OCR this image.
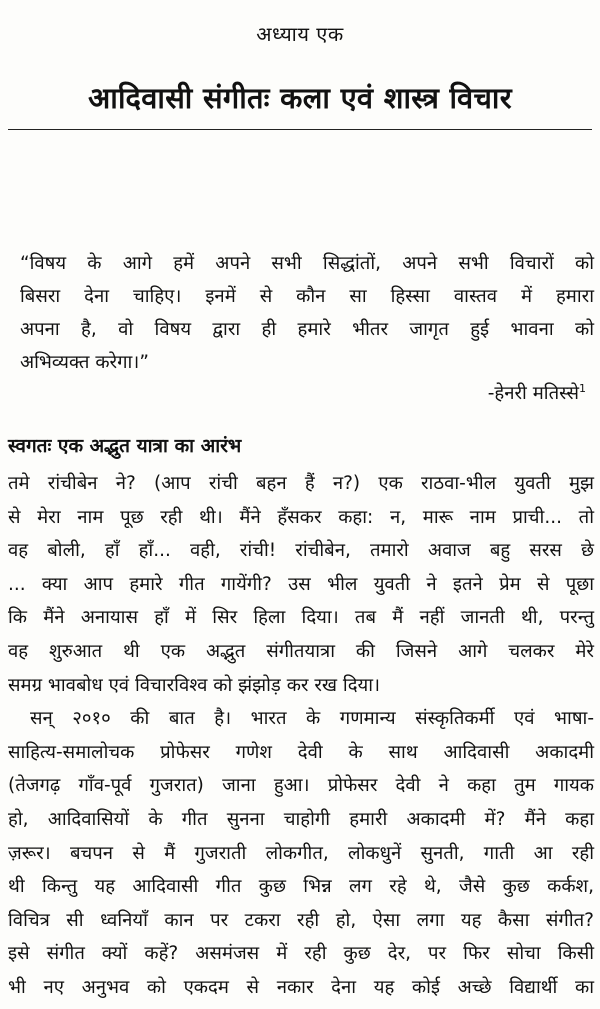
अध्याय एक
आदिवासी संगीतः कला एवं शास्त्र विचार
“विषय के आगे हमें अपने सभी सिद्धांतों, अपने सभी विचारों को
बिसरा देना चाहिए। इनमें से कौन सा हिस्सा वास्तव में हमारा
अपना है, वो विषय द्वारा ही हमारे भीतर जागृत हुई भावना को
अभिव्यक्त करेगा।”
-हेनरी मतिस्से$^1$
स्वगतः एक अद्भुत यात्रा का आरंभ
तमे रांचीबेन ने? (आप रांची बहन हैं न?) एक राठवा-भील युवती मुझ
से मेरा नाम पूछ रही थी। मैंने हँसकर कहा: न, मारू नाम प्राची... तो
वह बोली, हाँ हाँ... वही, रांची! रांचीबेन, तमारो अवाज बहु सरस छे
... क्या आप हमारे गीत गायेंगी? उस भील युवती ने इतने प्रेम से पूछा
कि मैंने अनायास हाँ में सिर हिला दिया। तब मैं नहीं जानती थी, परन्तु
वह शुरुआत थी एक अद्भुत संगीतयात्रा की जिसने आगे चलकर मेरे
समग्र भावबोध एवं विचारविश्व को झंझोड़ कर रख दिया।
सन् २०१० की बात है। भारत के गणमान्य संस्कृतिकर्मी एवं भाषा-
साहित्य-समालोचक प्रोफेसर गणेश देवी के साथ आदिवासी अकादमी
(तेजगढ़ गाँव-पूर्व गुजरात) जाना हुआ। प्रोफेसर देवी ने कहा तुम गायक
हो, आदिवासियों के गीत सुनना चाहोगी हमारी अकादमी में? मैंने कहा
ज़रूर। बचपन से मैं गुजराती लोकगीत, लोकधुनें सुनती, गाती आ रही
थी किन्तु यह आदिवासी गीत कुछ भिन्न लग रहे थे, जैसे कुछ कर्कश,
विचित्र सी ध्वनियाँ कान पर टकरा रही हो, ऐसा लगा यह कैसा संगीत?
इसे संगीत क्यों कहें? असमंजस में रही कुछ देर, पर फिर सोचा किसी
भी नए अनुभव को एकदम से नकार देना यह कोई अच्छे विद्यार्थी का
